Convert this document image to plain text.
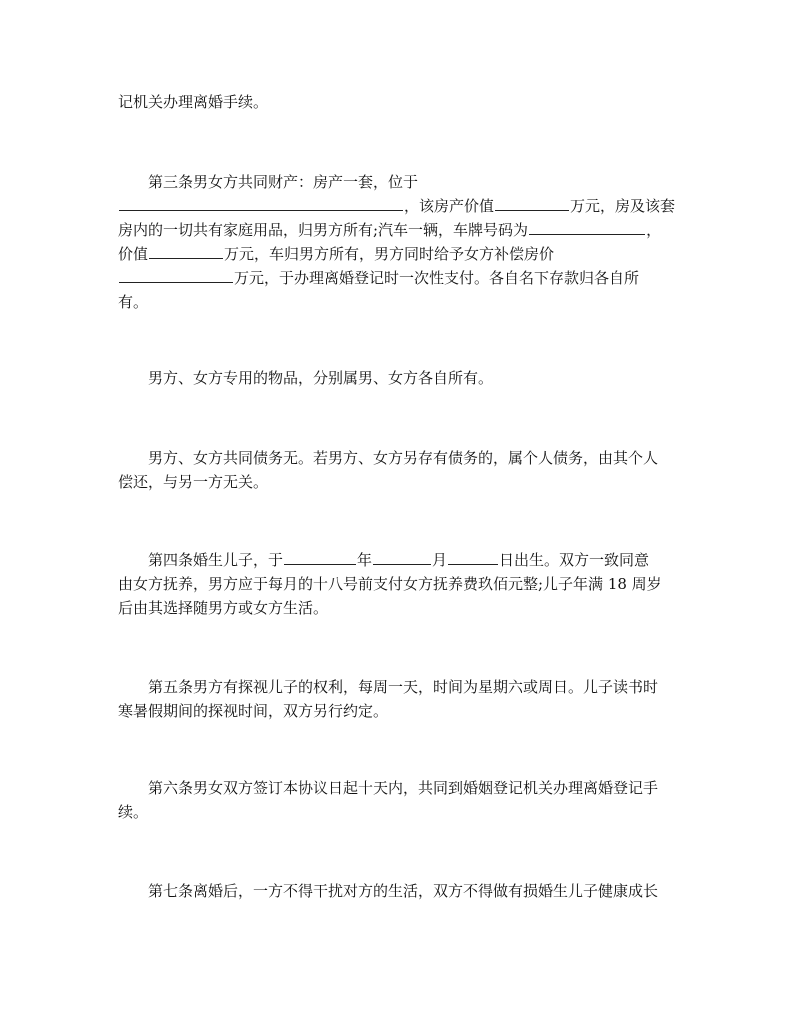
记机关办理离婚手续。

第三条男女方共同财产：房产一套，位于
，该房产价值	万元，房及该套
房内的一切共有家庭用品，归男方所有;汽车一辆，车牌号码为	，
价值	万元，车归男方所有，男方同时给予女方补偿房价
万元，于办理离婚登记时一次性支付。各自名下存款归各自所
有。

男方、女方专用的物品，分别属男、女方各自所有。

男方、女方共同债务无。若男方、女方另存有债务的，属个人债务，由其个人
偿还，与另一方无关。

第四条婚生儿子，于	年	月	日出生。双方一致同意
由女方抚养，男方应于每月的十八号前支付女方抚养费玖佰元整;儿子年满 18 周岁
后由其选择随男方或女方生活。

第五条男方有探视儿子的权利，每周一天，时间为星期六或周日。儿子读书时
寒暑假期间的探视时间，双方另行约定。

第六条男女双方签订本协议日起十天内，共同到婚姻登记机关办理离婚登记手
续。

第七条离婚后，一方不得干扰对方的生活，双方不得做有损婚生儿子健康成长
